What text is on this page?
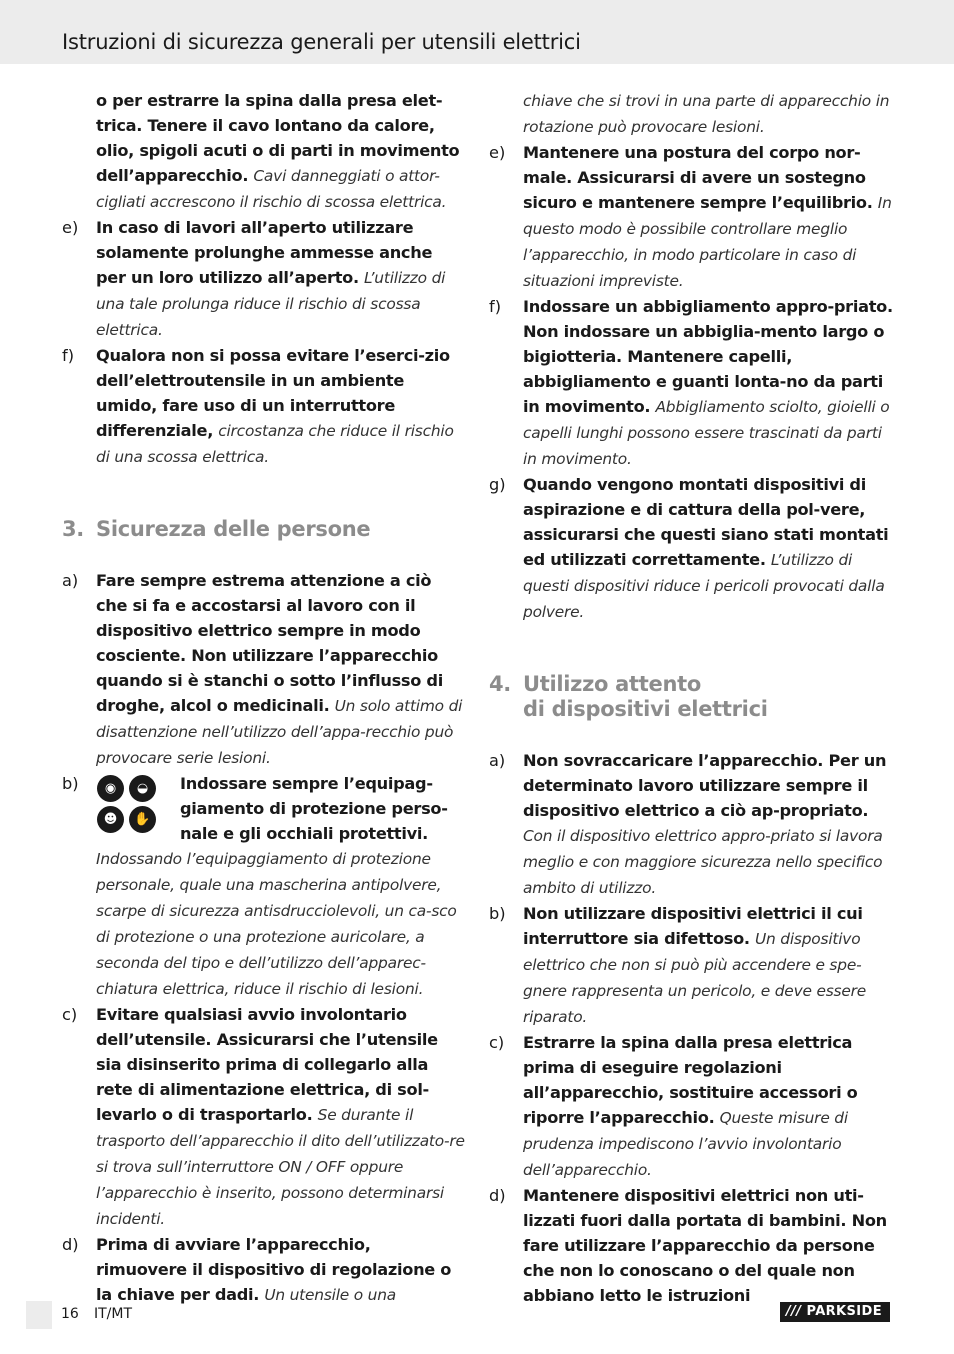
Istruzioni di sicurezza generali per utensili elettrici
o per estrarre la spina dalla presa elet-trica. Tenere il cavo lontano da calore, olio, spigoli acuti o di parti in movimento dell’apparecchio. Cavi danneggiati o attor-cigliati accrescono il rischio di scossa elettrica.
e) In caso di lavori all’aperto utilizzare solamente prolunghe ammesse anche per un loro utilizzo all’aperto. L’utilizzo di una tale prolunga riduce il rischio di scossa elettrica.
f) Qualora non si possa evitare l’eserci-zio dell’elettroutensile in un ambiente umido, fare uso di un interruttore differenziale, circostanza che riduce il rischio di una scossa elettrica.
3. Sicurezza delle persone
a) Fare sempre estrema attenzione a ciò che si fa e accostarsi al lavoro con il dispositivo elettrico sempre in modo cosciente. Non utilizzare l’apparecchio quando si è stanchi o sotto l’influsso di droghe, alcol o medicinali. Un solo attimo di disattenzione nell’utilizzo dell’appa-recchio può provocare serie lesioni.
b)	◉	◒
☻	✋
Indossare sempre l’equipag-giamento di protezione perso-nale e gli occhiali protettivi. Indossando l’equipaggiamento di protezione personale, quale una mascherina antipolvere, scarpe di sicurezza antisdrucciolevoli, un ca-sco di protezione o una protezione auricolare, a seconda del tipo e dell’utilizzo dell’apparec-chiatura elettrica, riduce il rischio di lesioni.
c) Evitare qualsiasi avvio involontario dell’utensile. Assicurarsi che l’utensile sia disinserito prima di collegarlo alla rete di alimentazione elettrica, di sol-levarlo o di trasportarlo. Se durante il trasporto dell’apparecchio il dito dell’utilizzato-re si trova sull’interruttore ON / OFF oppure l’apparecchio è inserito, possono determinarsi incidenti.
d) Prima di avviare l’apparecchio, rimuovere il dispositivo di regolazione o la chiave per dadi. Un utensile o una
chiave che si trovi in una parte di apparecchio in rotazione può provocare lesioni.
e) Mantenere una postura del corpo nor-male. Assicurarsi di avere un sostegno sicuro e mantenere sempre l’equilibrio. In questo modo è possibile controllare meglio l’apparecchio, in modo particolare in caso di situazioni impreviste.
f) Indossare un abbigliamento appro-priato. Non indossare un abbiglia-mento largo o bigiotteria. Mantenere capelli, abbigliamento e guanti lonta-no da parti in movimento. Abbigliamento sciolto, gioielli o capelli lunghi possono essere trascinati da parti in movimento.
g) Quando vengono montati dispositivi di aspirazione e di cattura della pol-vere, assicurarsi che questi siano stati montati ed utilizzati correttamente. L’utilizzo di questi dispositivi riduce i pericoli provocati dalla polvere.
4. Utilizzo attento
di dispositivi elettrici
a) Non sovraccaricare l’apparecchio. Per un determinato lavoro utilizzare sempre il dispositivo elettrico a ciò ap-propriato. Con il dispositivo elettrico appro-priato si lavora meglio e con maggiore sicurezza nello specifico ambito di utilizzo.
b) Non utilizzare dispositivi elettrici il cui interruttore sia difettoso. Un dispositivo elettrico che non si può più accendere e spe-gnere rappresenta un pericolo, e deve essere riparato.
c) Estrarre la spina dalla presa elettrica prima di eseguire regolazioni all’apparecchio, sostituire accessori o riporre l’apparecchio. Queste misure di prudenza impediscono l’avvio involontario dell’apparecchio.
d) Mantenere dispositivi elettrici non uti-lizzati fuori dalla portata di bambini. Non fare utilizzare l’apparecchio da persone che non lo conoscano o del quale non abbiano letto le istruzioni
16 IT/MT	/// PARKSIDE
